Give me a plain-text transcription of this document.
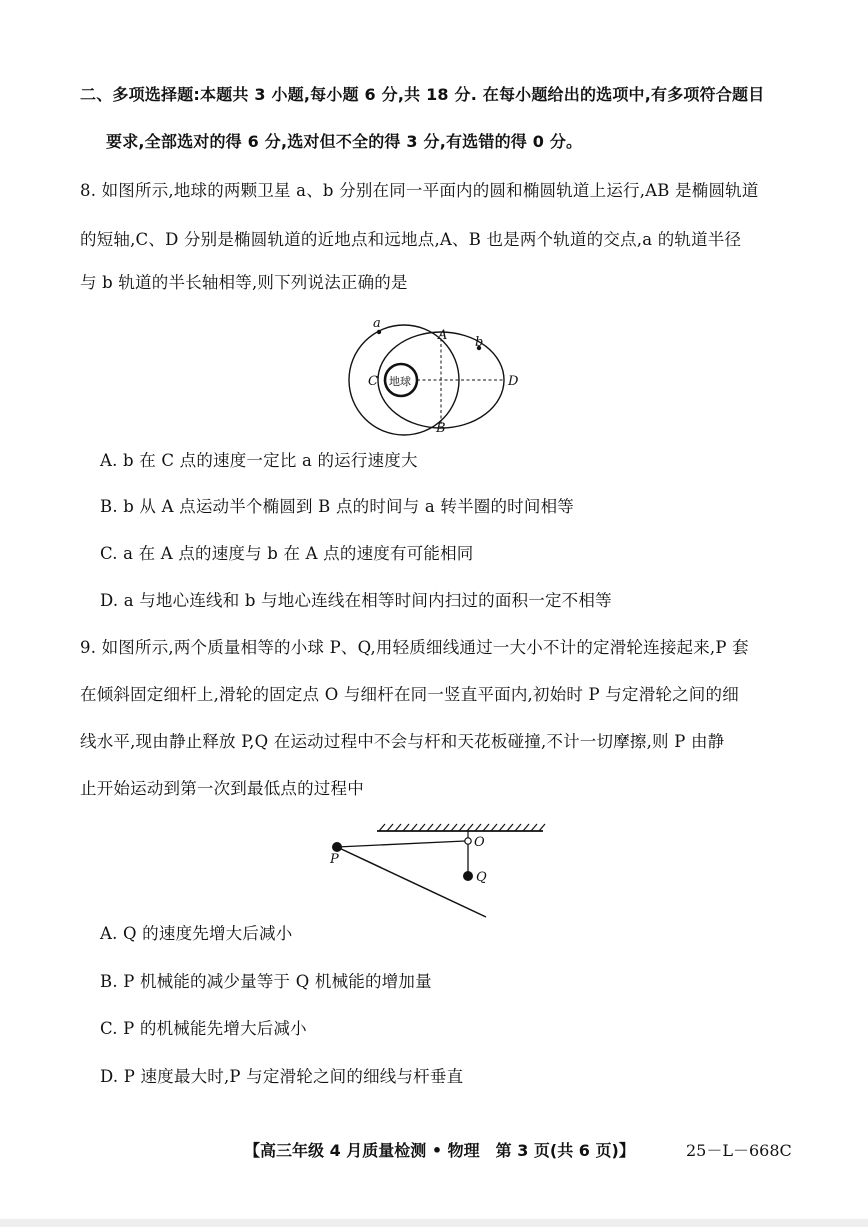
二、多项选择题:本题共 3 小题,每小题 6 分,共 18 分. 在每小题给出的选项中,有多项符合题目
要求,全部选对的得 6 分,选对但不全的得 3 分,有选错的得 0 分。
8. 如图所示,地球的两颗卫星 a、b 分别在同一平面内的圆和椭圆轨道上运行,AB 是椭圆轨道
的短轴,C、D 分别是椭圆轨道的近地点和远地点,A、B 也是两个轨道的交点,a 的轨道半径
与 b 轨道的半长轴相等,则下列说法正确的是
a
A b
C 地球	D
B
A. b 在 C 点的速度一定比 a 的运行速度大
B. b 从 A 点运动半个椭圆到 B 点的时间与 a 转半圈的时间相等
C. a 在 A 点的速度与 b 在 A 点的速度有可能相同
D. a 与地心连线和 b 与地心连线在相等时间内扫过的面积一定不相等
9. 如图所示,两个质量相等的小球 P、Q,用轻质细线通过一大小不计的定滑轮连接起来,P 套
在倾斜固定细杆上,滑轮的固定点 O 与细杆在同一竖直平面内,初始时 P 与定滑轮之间的细
线水平,现由静止释放 P,Q 在运动过程中不会与杆和天花板碰撞,不计一切摩擦,则 P 由静
止开始运动到第一次到最低点的过程中
P
O
Q
A. Q 的速度先增大后减小
B. P 机械能的减少量等于 Q 机械能的增加量
C. P 的机械能先增大后减小
D. P 速度最大时,P 与定滑轮之间的细线与杆垂直
【高三年级 4 月质量检测 • 物理　第 3 页(共 6 页)】	25－L－668C
